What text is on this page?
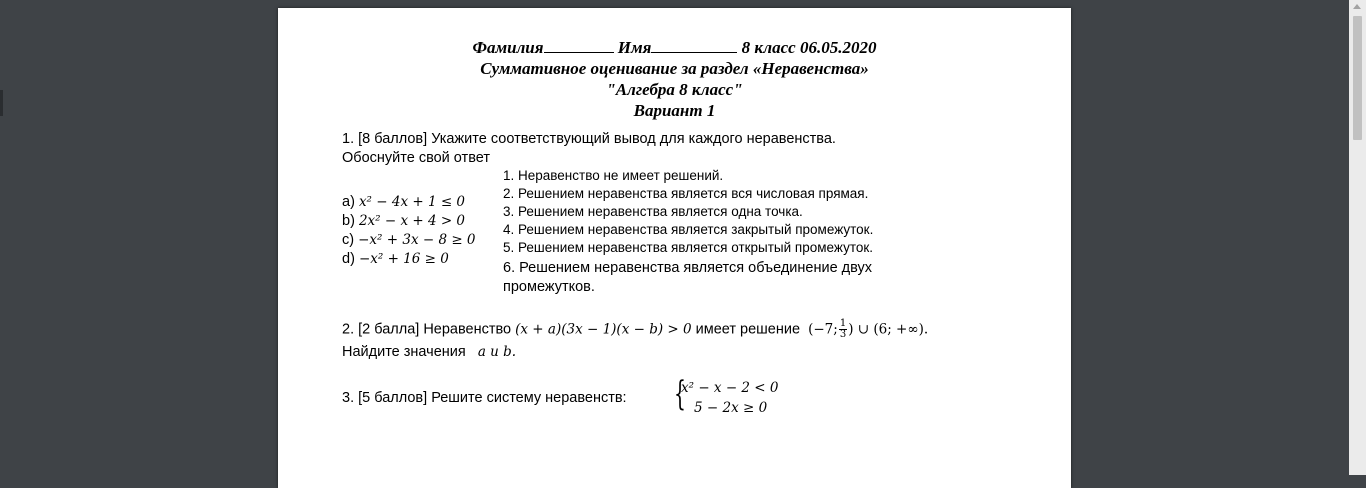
Фамилия	Имя	8 класс 06.05.2020
Суммативное оценивание за раздел «Неравенства»
"Алгебра 8 класс"
Вариант 1
1. [8 баллов] Укажите соответствующий вывод для каждого неравенства.
Обоснуйте свой ответ
a) x² − 4x + 1 ≤ 0
b) 2x² − x + 4 > 0
c) −x² + 3x − 8 ≥ 0
d) −x² + 16 ≥ 0
1. Неравенство не имеет решений.
2. Решением неравенства является вся числовая прямая.
3. Решением неравенства является одна точка.
4. Решением неравенства является закрытый промежуток.
5. Решением неравенства является открытый промежуток.
6. Решением неравенства является объединение двух
промежутков.
2. [2 балла] Неравенство (x + a)(3x − 1)(x − b) > 0 имеет решение (−7; $\frac{1}{3}$ ) ∪ (6; +∞).
Найдите значения a и b.
3. [5 баллов] Решите систему неравенств: {
x² − x − 2 < 0
5 − 2x ≥ 0
